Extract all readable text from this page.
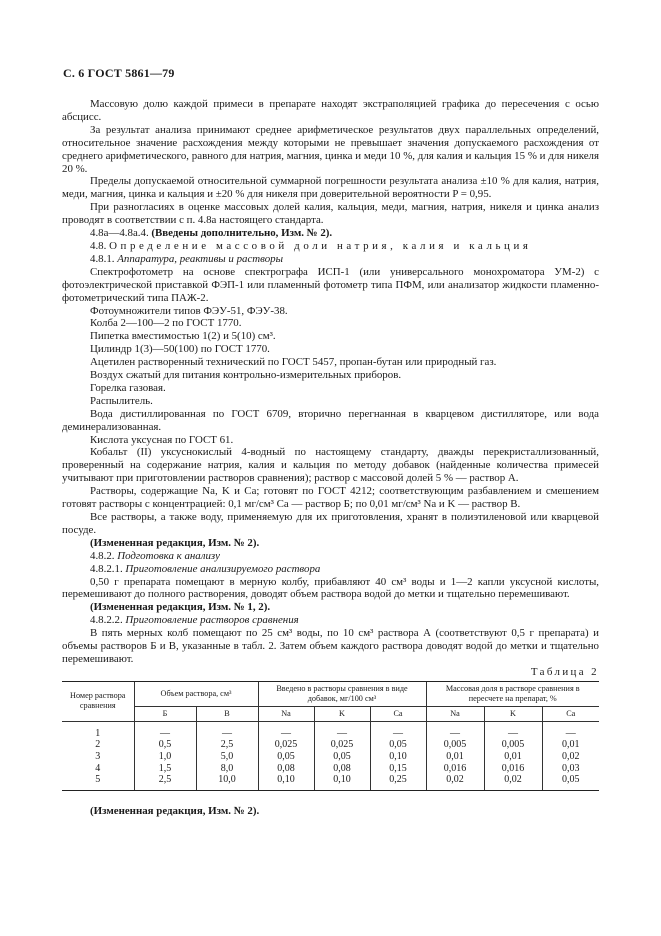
С. 6 ГОСТ 5861—79

Массовую долю каждой примеси в препарате находят экстраполяцией графика до пересечения с осью абсцисс.

За результат анализа принимают среднее арифметическое результатов двух параллельных определений, относительное значение расхождения между которыми не превышает значения допускаемого расхождения от среднего арифметического, равного для натрия, магния, цинка и меди 10 %, для калия и кальция 15 % и для никеля 20 %.

Пределы допускаемой относительной суммарной погрешности результата анализа ±10 % для калия, натрия, меди, магния, цинка и кальция и ±20 % для никеля при доверительной вероятности P = 0,95.

При разногласиях в оценке массовых долей калия, кальция, меди, магния, натрия, никеля и цинка анализ проводят в соответствии с п. 4.8а настоящего стандарта.

4.8а—4.8а.4. (Введены дополнительно, Изм. № 2).

4.8. Определение массовой доли натрия, калия и кальция

4.8.1. Аппаратура, реактивы и растворы

Спектрофотометр на основе спектрографа ИСП-1 (или универсального монохроматора УМ-2) с фотоэлектрической приставкой ФЭП-1 или пламенный фотометр типа ПФМ, или анализатор жидкости пламенно-фотометрический типа ПАЖ-2.

Фотоумножители типов ФЭУ-51, ФЭУ-38.

Колба 2—100—2 по ГОСТ 1770.

Пипетка вместимостью 1(2) и 5(10) см³.

Цилиндр 1(3)—50(100) по ГОСТ 1770.

Ацетилен растворенный технический по ГОСТ 5457, пропан-бутан или природный газ.

Воздух сжатый для питания контрольно-измерительных приборов.

Горелка газовая.

Распылитель.

Вода дистиллированная по ГОСТ 6709, вторично перегнанная в кварцевом дистилляторе, или вода деминерализованная.

Кислота уксусная по ГОСТ 61.

Кобальт (II) уксуснокислый 4-водный по настоящему стандарту, дважды перекристаллизованный, проверенный на содержание натрия, калия и кальция по методу добавок (найденные количества примесей учитывают при приготовлении растворов сравнения); раствор с массовой долей 5 % — раствор А.

Растворы, содержащие Na, K и Ca; готовят по ГОСТ 4212; соответствующим разбавлением и смешением готовят растворы с концентрацией: 0,1 мг/см³ Ca — раствор Б; по 0,01 мг/см³ Na и K — раствор В.

Все растворы, а также воду, применяемую для их приготовления, хранят в полиэтиленовой или кварцевой посуде.

(Измененная редакция, Изм. № 2).

4.8.2. Подготовка к анализу

4.8.2.1. Приготовление анализируемого раствора

0,50 г препарата помещают в мерную колбу, прибавляют 40 см³ воды и 1—2 капли уксусной кислоты, перемешивают до полного растворения, доводят объем раствора водой до метки и тщательно перемешивают.

(Измененная редакция, Изм. № 1, 2).

4.8.2.2. Приготовление растворов сравнения

В пять мерных колб помещают по 25 см³ воды, по 10 см³ раствора А (соответствуют 0,5 г препарата) и объемы растворов Б и В, указанные в табл. 2. Затем объем каждого раствора доводят водой до метки и тщательно перемешивают.

Таблица 2

Номер раствора сравнения	Объем раствора, см³		Введено в растворы сравнения в виде добавок, мг/100 см³			Массовая доля в растворе сравнения в пересчете на препарат, %		
	Б	В	Na	K	Ca	Na	K	Ca
1	—	—	—	—	—	—	—	—
2	0,5	2,5	0,025	0,025	0,05	0,005	0,005	0,01
3	1,0	5,0	0,05	0,05	0,10	0,01	0,01	0,02
4	1,5	8,0	0,08	0,08	0,15	0,016	0,016	0,03
5	2,5	10,0	0,10	0,10	0,25	0,02	0,02	0,05

(Измененная редакция, Изм. № 2).
